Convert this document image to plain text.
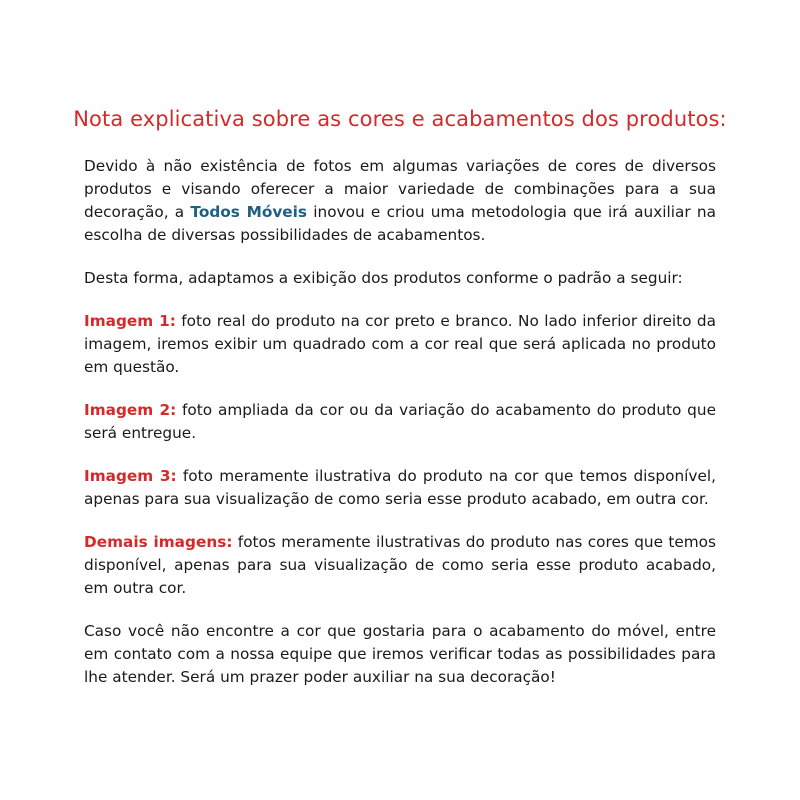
Nota explicativa sobre as cores e acabamentos dos produtos:

Devido à não existência de fotos em algumas variações de cores de diversos produtos e visando oferecer a maior variedade de combinações para a sua decoração, a Todos Móveis inovou e criou uma metodologia que irá auxiliar na escolha de diversas possibilidades de acabamentos.

Desta forma, adaptamos a exibição dos produtos conforme o padrão a seguir:

Imagem 1: foto real do produto na cor preto e branco. No lado inferior direito da imagem, iremos exibir um quadrado com a cor real que será aplicada no produto em questão.

Imagem 2: foto ampliada da cor ou da variação do acabamento do produto que será entregue.

Imagem 3: foto meramente ilustrativa do produto na cor que temos disponível, apenas para sua visualização de como seria esse produto acabado, em outra cor.

Demais imagens: fotos meramente ilustrativas do produto nas cores que temos disponível, apenas para sua visualização de como seria esse produto acabado, em outra cor.

Caso você não encontre a cor que gostaria para o acabamento do móvel, entre em contato com a nossa equipe que iremos verificar todas as possibilidades para lhe atender. Será um prazer poder auxiliar na sua decoração!
